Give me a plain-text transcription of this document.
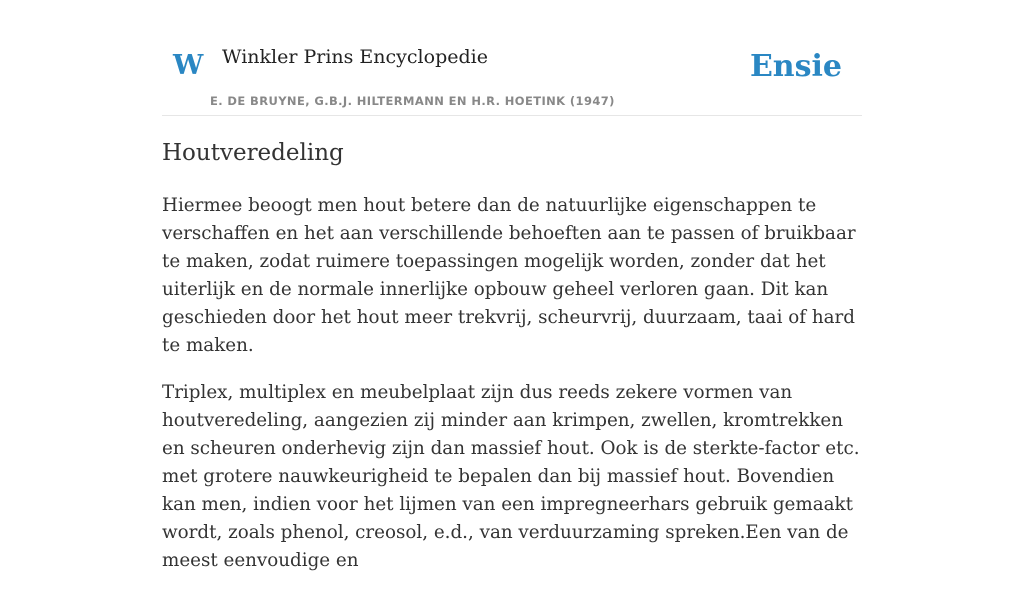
W Winkler Prins Encyclopedie
E. DE BRUYNE, G.B.J. HILTERMANN EN H.R. HOETINK (1947)
Ensie
Houtveredeling

Hiermee beoogt men hout betere dan de natuurlijke eigenschappen te verschaffen en het aan verschillende behoeften aan te passen of bruikbaar te maken, zodat ruimere toepassingen mogelijk worden, zonder dat het uiterlijk en de normale innerlijke opbouw geheel verloren gaan. Dit kan geschieden door het hout meer trekvrij, scheurvrij, duurzaam, taai of hard te maken.

Triplex, multiplex en meubelplaat zijn dus reeds zekere vormen van houtveredeling, aangezien zij minder aan krimpen, zwellen, kromtrekken en scheuren onderhevig zijn dan massief hout. Ook is de sterkte-factor etc. met grotere nauwkeurigheid te bepalen dan bij massief hout. Bovendien kan men, indien voor het lijmen van een impregneerhars gebruik gemaakt wordt, zoals phenol, creosol, e.d., van verduurzaming spreken.Een van de meest eenvoudige en
